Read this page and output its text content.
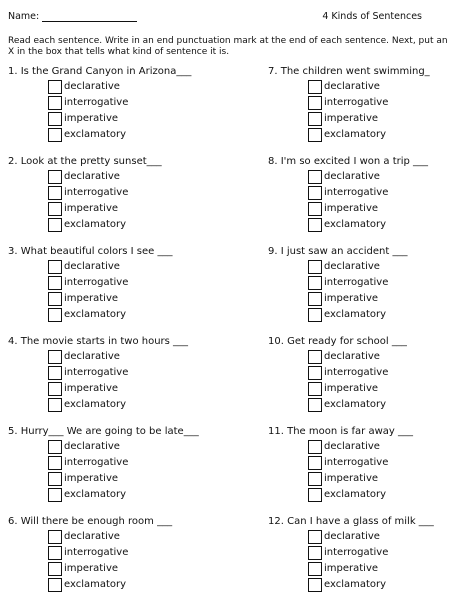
Name:	4 Kinds of Sentences
Read each sentence. Write in an end punctuation mark at the end of each sentence. Next, put an X in the box that tells what kind of sentence it is.
1. Is the Grand Canyon in Arizona___
declarative
interrogative
imperative
exclamatory
2. Look at the pretty sunset___
declarative
interrogative
imperative
exclamatory
3. What beautiful colors I see ___
declarative
interrogative
imperative
exclamatory
4. The movie starts in two hours ___
declarative
interrogative
imperative
exclamatory
5. Hurry___ We are going to be late___
declarative
interrogative
imperative
exclamatory
6. Will there be enough room ___
declarative
interrogative
imperative
exclamatory
7. The children went swimming_
declarative
interrogative
imperative
exclamatory
8. I'm so excited I won a trip ___
declarative
interrogative
imperative
exclamatory
9. I just saw an accident ___
declarative
interrogative
imperative
exclamatory
10. Get ready for school ___
declarative
interrogative
imperative
exclamatory
11. The moon is far away ___
declarative
interrogative
imperative
exclamatory
12. Can I have a glass of milk ___
declarative
interrogative
imperative
exclamatory
